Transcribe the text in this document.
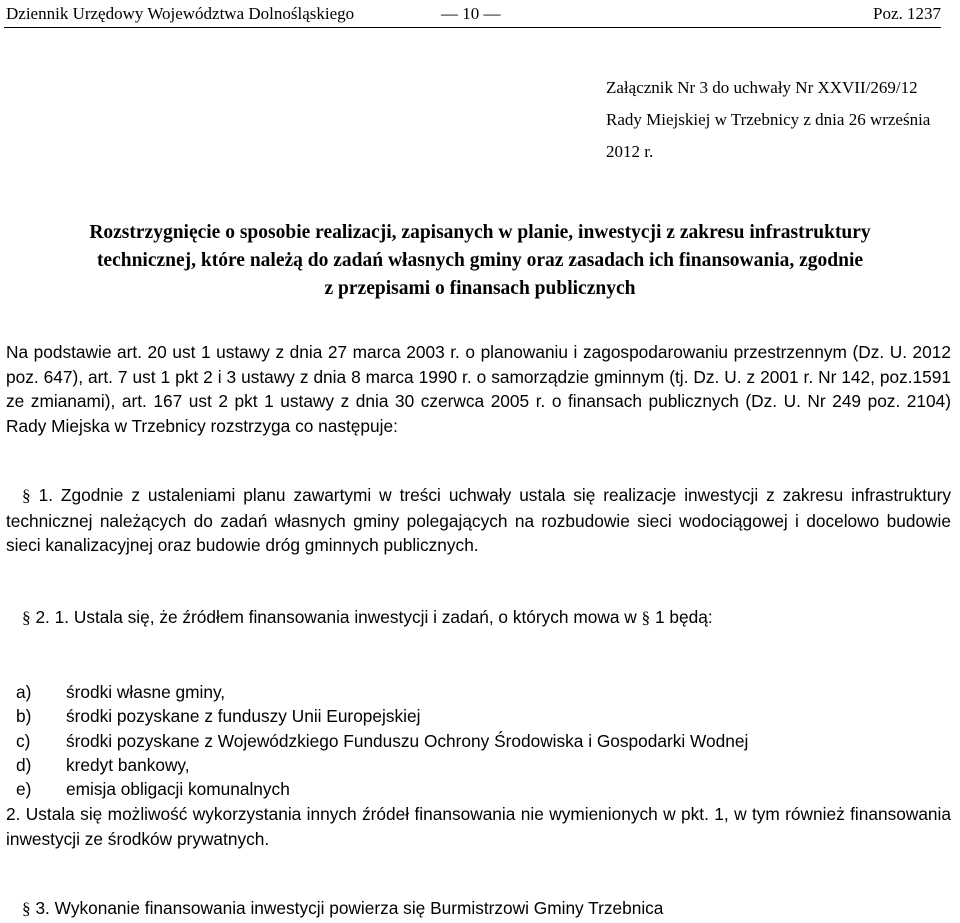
Dziennik Urzędowy Województwa Dolnośląskiego	— 10 —	Poz. 1237
Załącznik Nr 3 do uchwały Nr XXVII/269/12
Rady Miejskiej w Trzebnicy z dnia 26 września
2012 r.
Rozstrzygnięcie o sposobie realizacji, zapisanych w planie, inwestycji z zakresu infrastruktury
technicznej, które należą do zadań własnych gminy oraz zasadach ich finansowania, zgodnie
z przepisami o finansach publicznych
Na podstawie art. 20 ust 1 ustawy z dnia 27 marca 2003 r. o planowaniu i zagospodarowaniu przestrzennym (Dz. U. 2012 poz. 647), art. 7 ust 1 pkt 2 i 3 ustawy z dnia 8 marca 1990 r. o samorządzie gminnym (tj. Dz. U. z 2001 r. Nr 142, poz.1591 ze zmianami), art. 167 ust 2 pkt 1 ustawy z dnia 30 czerwca 2005 r. o finansach publicznych (Dz. U. Nr 249 poz. 2104) Rady Miejska w Trzebnicy rozstrzyga co następuje:
§ 1. Zgodnie z ustaleniami planu zawartymi w treści uchwały ustala się realizacje inwestycji z zakresu infrastruktury technicznej należących do zadań własnych gminy polegających na rozbudowie sieci wodociągowej i docelowo budowie sieci kanalizacyjnej oraz budowie dróg gminnych publicznych.
§ 2. 1. Ustala się, że źródłem finansowania inwestycji i zadań, o których mowa w § 1 będą:
a)	środki własne gminy,
b)	środki pozyskane z funduszy Unii Europejskiej
c)	środki pozyskane z Wojewódzkiego Funduszu Ochrony Środowiska i Gospodarki Wodnej
d)	kredyt bankowy,
e)	emisja obligacji komunalnych
2. Ustala się możliwość wykorzystania innych źródeł finansowania nie wymienionych w pkt. 1, w tym również finansowania inwestycji ze środków prywatnych.
§ 3. Wykonanie finansowania inwestycji powierza się Burmistrzowi Gminy Trzebnica
